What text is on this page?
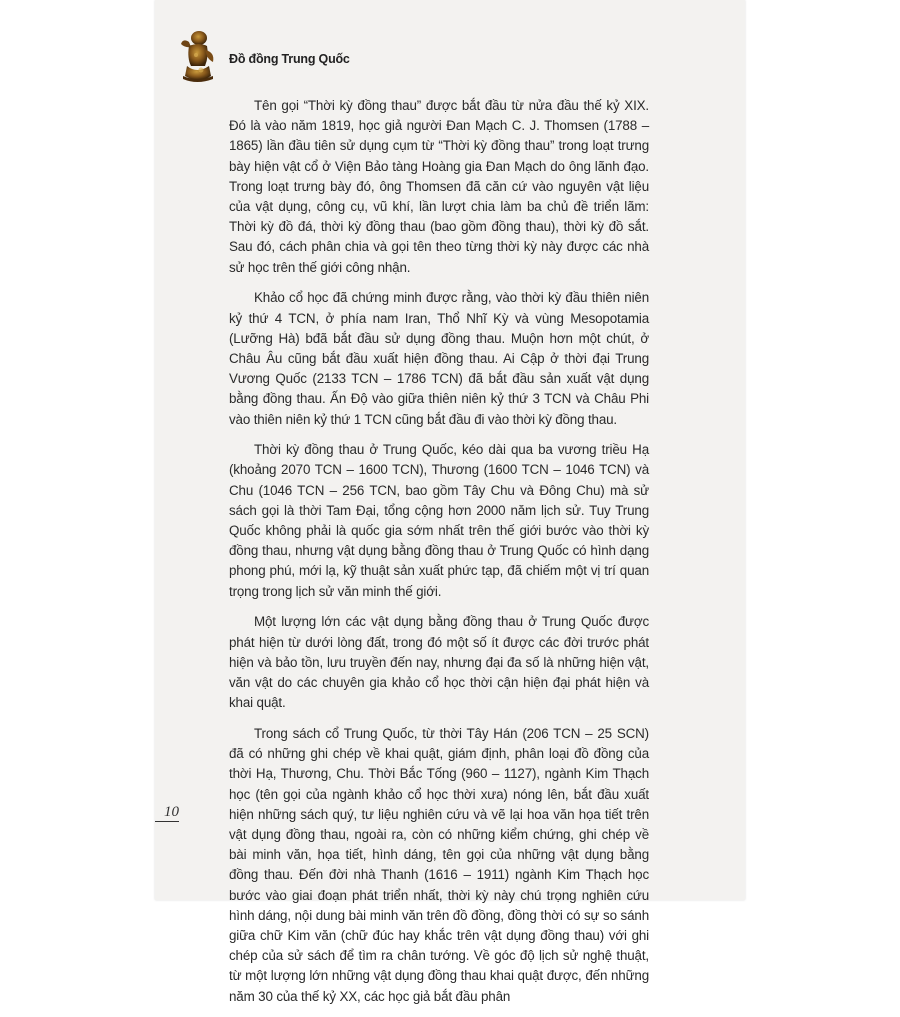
Đồ đồng Trung Quốc

Tên gọi “Thời kỳ đồng thau” được bắt đầu từ nửa đầu thế kỷ XIX. Đó là vào năm 1819, học giả người Đan Mạch C. J. Thomsen (1788 – 1865) lần đầu tiên sử dụng cụm từ “Thời kỳ đồng thau” trong loạt trưng bày hiện vật cổ ở Viện Bảo tàng Hoàng gia Đan Mạch do ông lãnh đạo. Trong loạt trưng bày đó, ông Thomsen đã căn cứ vào nguyên vật liệu của vật dụng, công cụ, vũ khí, lần lượt chia làm ba chủ đề triển lãm: Thời kỳ đồ đá, thời kỳ đồng thau (bao gồm đồng thau), thời kỳ đồ sắt. Sau đó, cách phân chia và gọi tên theo từng thời kỳ này được các nhà sử học trên thế giới công nhận.

Khảo cổ học đã chứng minh được rằng, vào thời kỳ đầu thiên niên kỷ thứ 4 TCN, ở phía nam Iran, Thổ Nhĩ Kỳ và vùng Mesopotamia (Lưỡng Hà) bđã bắt đầu sử dụng đồng thau. Muộn hơn một chút, ở Châu Âu cũng bắt đầu xuất hiện đồng thau. Ai Cập ở thời đại Trung Vương Quốc (2133 TCN – 1786 TCN) đã bắt đầu sản xuất vật dụng bằng đồng thau. Ấn Độ vào giữa thiên niên kỷ thứ 3 TCN và Châu Phi vào thiên niên kỷ thứ 1 TCN cũng bắt đầu đi vào thời kỳ đồng thau.

Thời kỳ đồng thau ở Trung Quốc, kéo dài qua ba vương triều Hạ (khoảng 2070 TCN – 1600 TCN), Thương (1600 TCN – 1046 TCN) và Chu (1046 TCN – 256 TCN, bao gồm Tây Chu và Đông Chu) mà sử sách gọi là thời Tam Đại, tổng cộng hơn 2000 năm lịch sử. Tuy Trung Quốc không phải là quốc gia sớm nhất trên thế giới bước vào thời kỳ đồng thau, nhưng vật dụng bằng đồng thau ở Trung Quốc có hình dạng phong phú, mới lạ, kỹ thuật sản xuất phức tạp, đã chiếm một vị trí quan trọng trong lịch sử văn minh thế giới.

Một lượng lớn các vật dụng bằng đồng thau ở Trung Quốc được phát hiện từ dưới lòng đất, trong đó một số ít được các đời trước phát hiện và bảo tồn, lưu truyền đến nay, nhưng đại đa số là những hiện vật, văn vật do các chuyên gia khảo cổ học thời cận hiện đại phát hiện và khai quật.

Trong sách cổ Trung Quốc, từ thời Tây Hán (206 TCN – 25 SCN) đã có những ghi chép về khai quật, giám định, phân loại đồ đồng của thời Hạ, Thương, Chu. Thời Bắc Tống (960 – 1127), ngành Kim Thạch học (tên gọi của ngành khảo cổ học thời xưa) nóng lên, bắt đầu xuất hiện những sách quý, tư liệu nghiên cứu và vẽ lại hoa văn họa tiết trên vật dụng đồng thau, ngoài ra, còn có những kiểm chứng, ghi chép về bài minh văn, họa tiết, hình dáng, tên gọi của những vật dụng bằng đồng thau. Đến đời nhà Thanh (1616 – 1911) ngành Kim Thạch học bước vào giai đoạn phát triển nhất, thời kỳ này chú trọng nghiên cứu hình dáng, nội dung bài minh văn trên đồ đồng, đồng thời có sự so sánh giữa chữ Kim văn (chữ đúc hay khắc trên vật dụng đồng thau) với ghi chép của sử sách để tìm ra chân tướng. Về góc độ lịch sử nghệ thuật, từ một lượng lớn những vật dụng đồng thau khai quật được, đến những năm 30 của thế kỷ XX, các học giả bắt đầu phân

10
